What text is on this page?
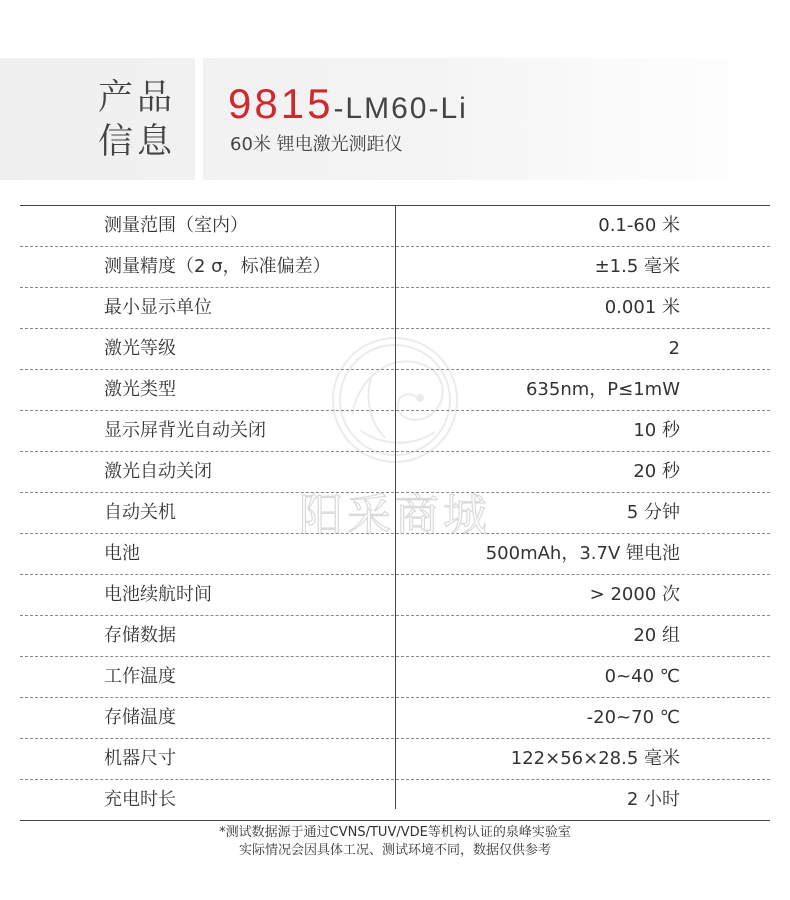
产品
信息
9815-LM60-Li
60米 锂电激光测距仪
测量范围（室内）	0.1-60 米
测量精度（2 σ，标准偏差）	±1.5 毫米
最小显示单位	0.001 米
激光等级	2
激光类型	635nm，P≤1mW
显示屏背光自动关闭	10 秒
激光自动关闭	20 秒
自动关机	5 分钟
电池	500mAh，3.7V 锂电池
电池续航时间	> 2000 次
存储数据	20 组
工作温度	0~40 ℃
存储温度	-20~70 ℃
机器尺寸	122×56×28.5 毫米
充电时长	2 小时
阳采商城
*测试数据源于通过CVNS/TUV/VDE等机构认证的泉峰实验室
实际情况会因具体工况、测试环境不同，数据仅供参考
